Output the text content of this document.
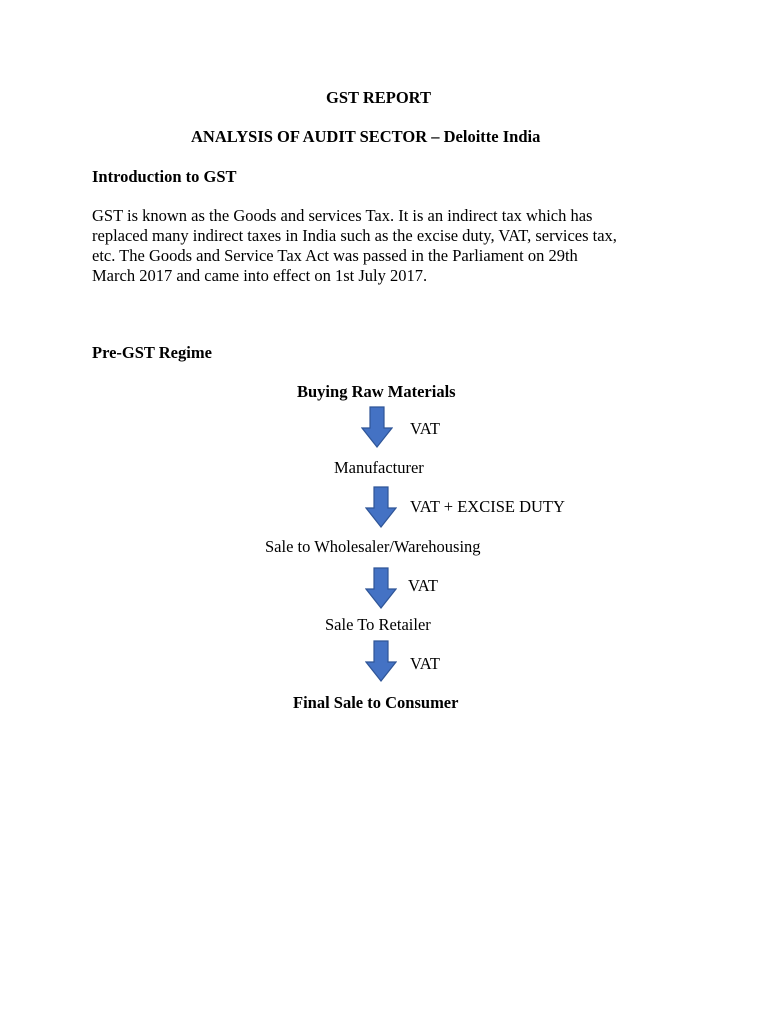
GST REPORT
ANALYSIS OF AUDIT SECTOR – Deloitte India
Introduction to GST
GST is known as the Goods and services Tax. It is an indirect tax which has
replaced many indirect taxes in India such as the excise duty, VAT, services tax,
etc. The Goods and Service Tax Act was passed in the Parliament on 29th
March 2017 and came into effect on 1st July 2017.
Pre-GST Regime
Buying Raw Materials
VAT
Manufacturer
VAT + EXCISE DUTY
Sale to Wholesaler/Warehousing
VAT
Sale To Retailer
VAT
Final Sale to Consumer
